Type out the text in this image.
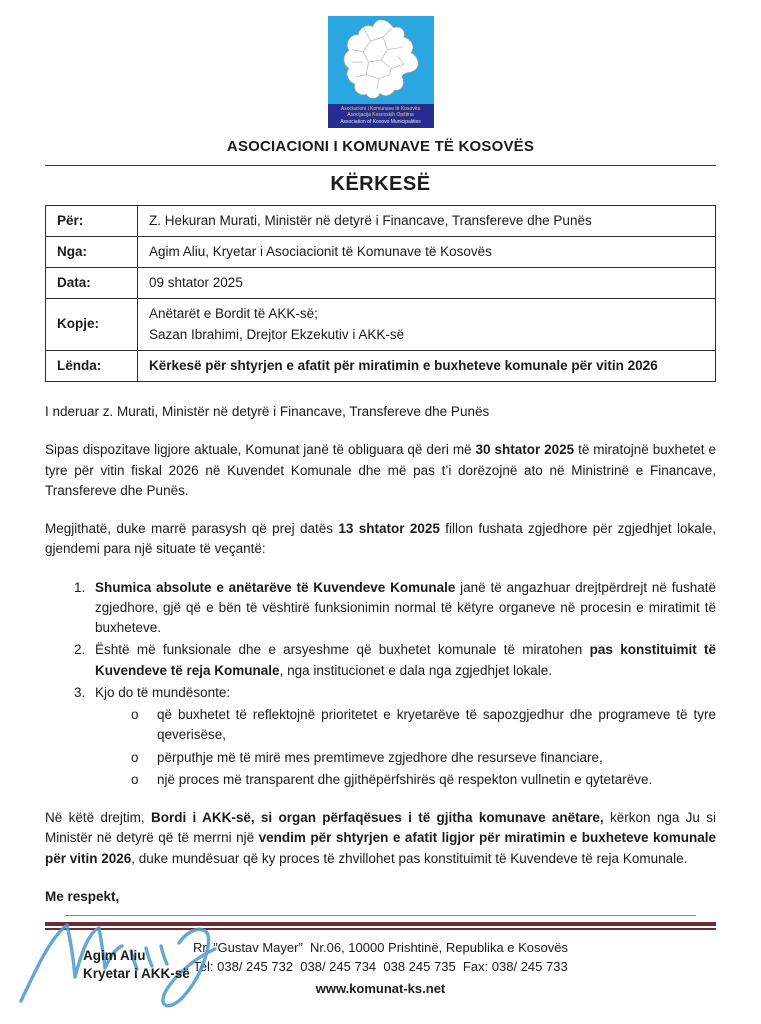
Asociacioni i Komunave të Kosovës
Asocijacija Kosovskih Opština
Association of Kosovo Municipalities
ASOCIACIONI I KOMUNAVE TË KOSOVËS
KËRKESË
Për:	Z. Hekuran Murati, Ministër në detyrë i Financave, Transfereve dhe Punës
Nga:	Agim Aliu, Kryetar i Asociacionit të Komunave të Kosovës
Data:	09 shtator 2025
Kopje:	Anëtarët e Bordit të AKK-së;
Sazan Ibrahimi, Drejtor Ekzekutiv i AKK-së

Lënda:	Kërkesë për shtyrjen e afatit për miratimin e buxheteve komunale për vitin 2026

I nderuar z. Murati, Ministër në detyrë i Financave, Transfereve dhe Punës

Sipas dispozitave ligjore aktuale, Komunat janë të obliguara që deri më 30 shtator 2025 të miratojnë buxhetet e tyre për vitin fiskal 2026 në Kuvendet Komunale dhe më pas t’i dorëzojnë ato në Ministrinë e Financave, Transfereve dhe Punës.

Megjithatë, duke marrë parasysh që prej datës 13 shtator 2025 fillon fushata zgjedhore për zgjedhjet lokale, gjendemi para një situate të veçantë:

1. Shumica absolute e anëtarëve të Kuvendeve Komunale janë të angazhuar drejtpërdrejt në fushatë zgjedhore, gjë që e bën të vështirë funksionimin normal të këtyre organeve në procesin e miratimit të buxheteve.
2. Është më funksionale dhe e arsyeshme që buxhetet komunale të miratohen pas konstituimit të Kuvendeve të reja Komunale, nga institucionet e dala nga zgjedhjet lokale.
3. Kjo do të mundësonte:
o	që buxhetet të reflektojnë prioritetet e kryetarëve të sapozgjedhur dhe programeve të tyre qeverisëse,
o	përputhje më të mirë mes premtimeve zgjedhore dhe resurseve financiare,
o	një proces më transparent dhe gjithëpërfshirës që respekton vullnetin e qytetarëve.

Në këtë drejtim, Bordi i AKK-së, si organ përfaqësues i të gjitha komunave anëtare, kërkon nga Ju si Ministër në detyrë që të merrni një vendim për shtyrjen e afatit ligjor për miratimin e buxheteve komunale për vitin 2026, duke mundësuar që ky proces të zhvillohet pas konstituimit të Kuvendeve të reja Komunale.

Me respekt,

Agim Aliu
Kryetar i AKK-së
Rr. ”Gustav Mayer”  Nr.06, 10000 Prishtinë, Republika e Kosovës
Tel: 038/ 245 732  038/ 245 734  038 245 735  Fax: 038/ 245 733
www.komunat-ks.net
